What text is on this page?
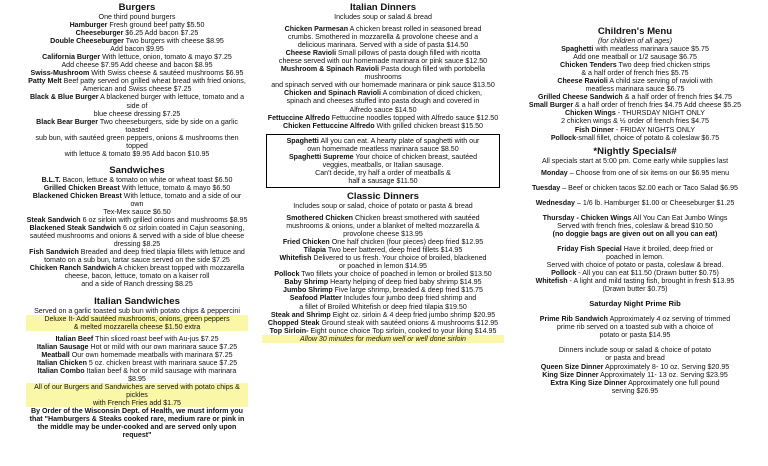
Burgers
One third pound burgers
Hamburger Fresh ground beef patty $5.50
Cheeseburger $6.25 Add bacon $7.25
Double Cheeseburger Two burgers with cheese $8.95
Add bacon $9.95
California Burger With lettuce, onion, tomato & mayo $7.25
Add cheese $7.95 Add cheese and bacon $8.95
Swiss-Mushroom With Swiss cheese & sautéed mushrooms $6.95
Patty Melt Beef patty served on grilled wheat bread with fried onions,
American and Swiss cheese $7.25
Black & Blue Burger A blackened burger with lettuce, tomato and a side of
blue cheese dressing $7.25
Black Bear Burger Two cheeseburgers, side by side on a garlic toasted
sub bun, with sautéed green peppers, onions & mushrooms then topped
with lettuce & tomato $9.95 Add bacon $10.95
Sandwiches
B.L.T. Bacon, lettuce & tomato on white or wheat toast $6.50
Grilled Chicken Breast With lettuce, tomato & mayo $6.50
Blackened Chicken Breast With lettuce, tomato and a side of our own
Tex-Mex sauce $6.50
Steak Sandwich 6 oz sirloin with grilled onions and mushrooms $8.95
Blackened Steak Sandwich 6 oz sirloin coated in Cajun seasoning,
sautéed mushrooms and onions & served with a side of blue cheese
dressing $8.25
Fish Sandwich Breaded and deep fried tilapia fillets with lettuce and
tomato on a sub bun, tartar sauce served on the side $7.25
Chicken Ranch Sandwich A chicken breast topped with mozzarella
cheese, bacon, lettuce, tomato on a kaiser roll
and a side of Ranch dressing $8.25
Italian Sandwiches
Served on a garlic toasted sub bun with potato chips & peppercini
Deluxe It- Add sautéed mushrooms, onions, green peppers
& melted mozzarella cheese $1.50 extra
Italian Beef Thin sliced roast beef with Au-jus $7.25
Italian Sausage Hot or mild with our own marinara sauce $7.25
Meatball Our own homemade meatballs with marinara $7.25
Italian Chicken 5 oz. chicken breast with marinara sauce $7.25
Italian Combo Italian beef & hot or mild sausage with marinara
$8.95
All of our Burgers and Sandwiches are served with potato chips & pickles
with French Fries add $1.75
By Order of the Wisconsin Dept. of Health, we must inform you
that "Hamburgers & Steaks cooked rare, medium rare or pink in
the middle may be under-cooked and are served only upon
request"
Italian Dinners
Includes soup or salad & bread
Chicken Parmesan A chicken breast rolled in seasoned bread
crumbs. Smothered in mozzarella & provolone cheese and a
delicious marinara. Served with a side of pasta $14.50
Cheese Ravioli Small pillows of pasta dough filled with ricotta
cheese served with our homemade marinara or pink sauce $12.50
Mushroom & Spinach Ravioli Pasta dough filled with portobella mushrooms
and spinach served with our homemade marinara or pink sauce $13.50
Chicken and Spinach Ravioli A combination of diced chicken,
spinach and cheeses stuffed into pasta dough and covered in
Alfredo sauce $14.50
Fettuccine Alfredo Fettuccine noodles topped with Alfredo sauce $12.50
Chicken Fettuccine Alfredo With grilled chicken breast $15.50
Spaghetti All you can eat. A hearty plate of spaghetti with our
own homemade meatless marinara sauce $8.50
Spaghetti Supreme Your choice of chicken breast, sautéed
veggies, meatballs, or Italian sausage.
Can't decide, try half a order of meatballs &
half a sausage $11.50
Classic Dinners
Includes soup or salad, choice of potato or pasta & bread
Smothered Chicken Chicken breast smothered with sautéed
mushrooms & onions, under a blanket of melted mozzarella &
provolone cheese $13.95
Fried Chicken One half chicken (four pieces) deep fried $12.95
Tilapia Two beer battered, deep fried fillets $14.95
Whitefish Delivered to us fresh. Your choice of broiled, blackened
or poached in lemon $14.95
Pollock Two fillets your choice of poached in lemon or broiled $13.50
Baby Shrimp Hearty helping of deep fried baby shrimp $14.95
Jumbo Shrimp Five large shrimp, breaded & deep fried $15.75
Seafood Platter Includes four jumbo deep fried shrimp and
a fillet of Broiled Whitefish or deep fried tilapia $19.50
Steak and Shrimp Eight oz. sirloin & 4 deep fried jumbo shrimp $20.95
Chopped Steak Ground steak with sautéed onions & mushrooms $12.95
Top Sirloin- Eight ounce choice Top sirloin, cooked to your liking $14.95
Allow 30 minutes for medium well or well done sirloin
Children's Menu
(for children of all ages)
Spaghetti with meatless marinara sauce $5.75
Add one meatball or 1/2 sausage $6.75
Chicken Tenders Two deep fried chicken strips
& a half order of french fries $5.75
Cheese Ravioli A child size serving of ravioli with
meatless marinara sauce $6.75
Grilled Cheese Sandwich & a half order of french fries $4.75
Small Burger & a half order of french fries $4.75 Add cheese $5.25
Chicken Wings - THURSDAY NIGHT ONLY
2 chicken wings & ½ order of french fries $4.75
Fish Dinner - FRIDAY NIGHTS ONLY
Pollock-small fillet, choice of potato & coleslaw $6.75
*Nightly Specials#
All specials start at 5:00 pm. Come early while supplies last
Monday – Choose from one of six items on our $6.95 menu
Tuesday – Beef or chicken tacos $2.00 each or Taco Salad $6.95
Wednesday – 1/6 lb. Hamburger $1.00 or Cheeseburger $1.25
Thursday - Chicken Wings All You Can Eat Jumbo Wings
Served with french fries, coleslaw & bread $10.50
(no doggie bags are given out on all you can eat)
Friday Fish Special Have it broiled, deep fried or
poached in lemon.
Served with choice of potato or pasta, coleslaw & bread.
Pollock - All you can eat $11.50 (Drawn butter $0.75)
Whitefish - A light and mild tasting fish, brought in fresh $13.95
(Drawn butter $0.75)
Saturday Night Prime Rib
Prime Rib Sandwich Approximately 4 oz serving of trimmed
prime rib served on a toasted sub with a choice of
potato or pasta $14.95
Dinners include soup or salad & choice of potato
or pasta and bread
Queen Size Dinner Approximately 8- 10 oz. Serving $20.95
King Size Dinner Approximately 11- 13 oz. Serving $23.95
Extra King Size Dinner Approximately one full pound
serving $26.95
